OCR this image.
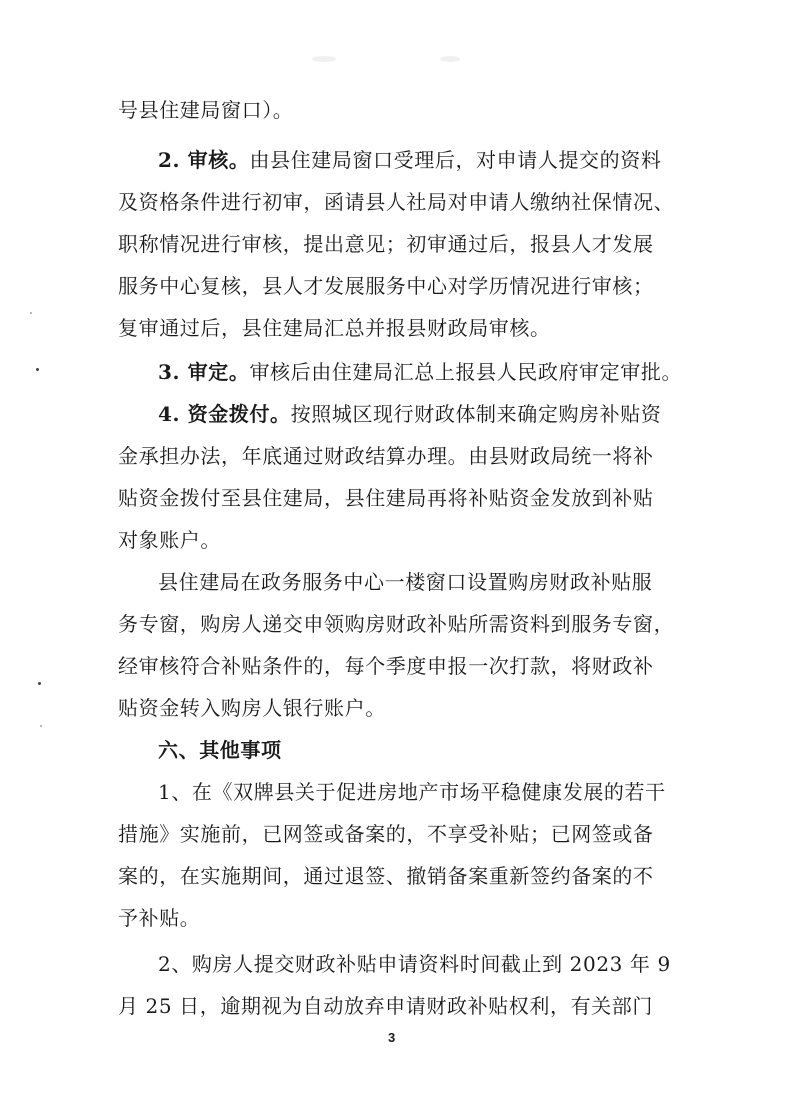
号县住建局窗口）。
2. 审核。由县住建局窗口受理后，对申请人提交的资料
及资格条件进行初审，函请县人社局对申请人缴纳社保情况、
职称情况进行审核，提出意见；初审通过后，报县人才发展
服务中心复核，县人才发展服务中心对学历情况进行审核；
复审通过后，县住建局汇总并报县财政局审核。
3. 审定。审核后由住建局汇总上报县人民政府审定审批。
4. 资金拨付。按照城区现行财政体制来确定购房补贴资
金承担办法，年底通过财政结算办理。由县财政局统一将补
贴资金拨付至县住建局，县住建局再将补贴资金发放到补贴
对象账户。
县住建局在政务服务中心一楼窗口设置购房财政补贴服
务专窗，购房人递交申领购房财政补贴所需资料到服务专窗，
经审核符合补贴条件的，每个季度申报一次打款，将财政补
贴资金转入购房人银行账户。
六、其他事项
1、在《双牌县关于促进房地产市场平稳健康发展的若干
措施》实施前，已网签或备案的，不享受补贴；已网签或备
案的，在实施期间，通过退签、撤销备案重新签约备案的不
予补贴。
2、购房人提交财政补贴申请资料时间截止到 2023 年 9
月 25 日，逾期视为自动放弃申请财政补贴权利，有关部门
3
